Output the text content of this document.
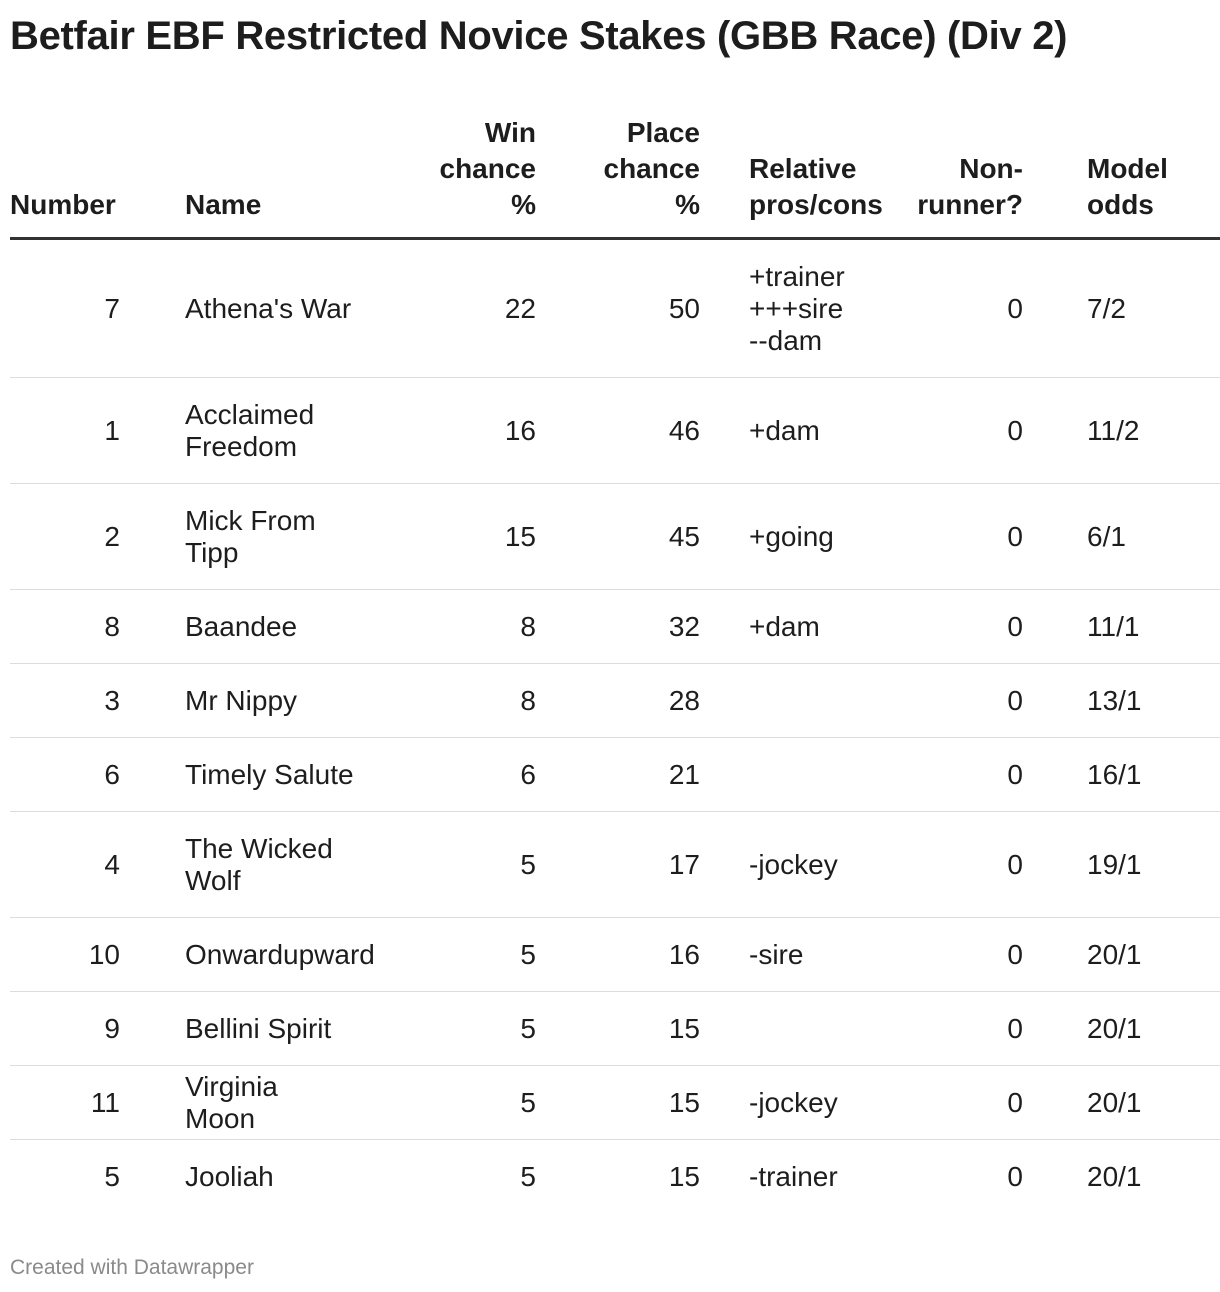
Betfair EBF Restricted Novice Stakes (GBB Race) (Div 2)
Number	Name	Win
chance
%	Place
chance
%	Relative
pros/cons	Non-
runner?	Model
odds
7	Athena's War	22	50	+trainer
+++sire
--dam	0	7/2
1	Acclaimed
Freedom	16	46	+dam	0	11/2
2	Mick From
Tipp	15	45	+going	0	6/1
8	Baandee	8	32	+dam	0	11/1
3	Mr Nippy	8	28		0	13/1
6	Timely Salute	6	21		0	16/1
4	The Wicked
Wolf	5	17	-jockey	0	19/1
10	Onwardupward	5	16	-sire	0	20/1
9	Bellini Spirit	5	15		0	20/1
11	Virginia Moon	5	15	-jockey	0	20/1
5	Jooliah	5	15	-trainer	0	20/1
Created with Datawrapper
